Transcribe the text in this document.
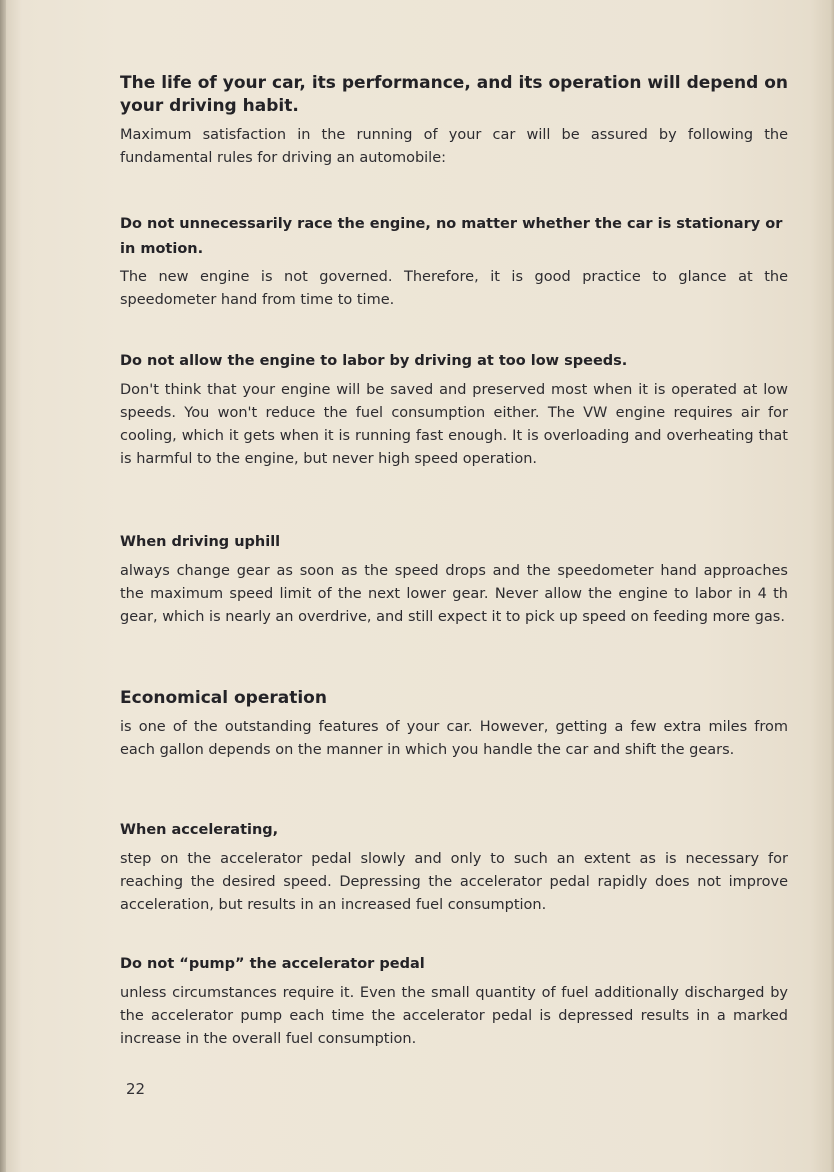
The life of your car, its performance, and its operation will depend on your driving habit.

Maximum satisfaction in the running of your car will be assured by following the fundamental rules for driving an automobile:

Do not unnecessarily race the engine, no matter whether the car is stationary or in motion.

The new engine is not governed. Therefore, it is good practice to glance at the speedometer hand from time to time.

Do not allow the engine to labor by driving at too low speeds.

Don't think that your engine will be saved and preserved most when it is operated at low speeds. You won't reduce the fuel consumption either. The VW engine requires air for cooling, which it gets when it is running fast enough. It is overloading and overheating that is harmful to the engine, but never high speed operation.

When driving uphill

always change gear as soon as the speed drops and the speedometer hand approaches the maximum speed limit of the next lower gear. Never allow the engine to labor in 4 th gear, which is nearly an overdrive, and still expect it to pick up speed on feeding more gas.

Economical operation

is one of the outstanding features of your car. However, getting a few extra miles from each gallon depends on the manner in which you handle the car and shift the gears.

When accelerating,

step on the accelerator pedal slowly and only to such an extent as is necessary for reaching the desired speed. Depressing the accelerator pedal rapidly does not improve acceleration, but results in an increased fuel consumption.

Do not “pump” the accelerator pedal

unless circumstances require it. Even the small quantity of fuel additionally discharged by the accelerator pump each time the accelerator pedal is depressed results in a marked increase in the overall fuel consumption.

22
